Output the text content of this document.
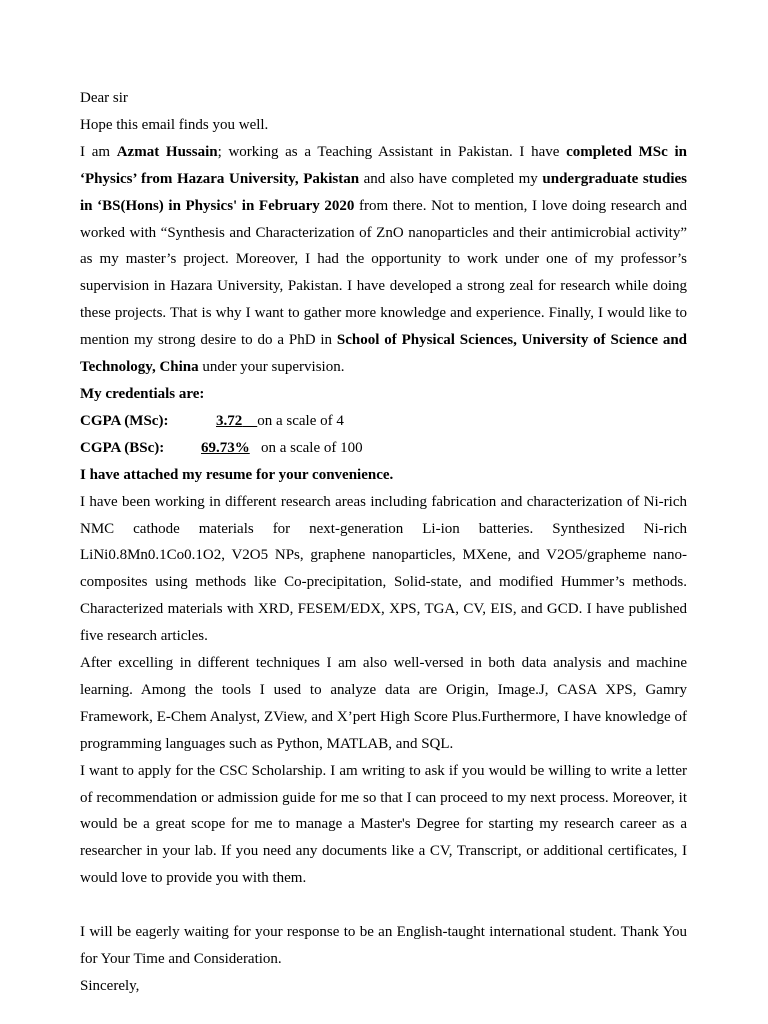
Dear sir

Hope this email finds you well.

I am Azmat Hussain; working as a Teaching Assistant in Pakistan. I have completed MSc in ‘Physics’ from Hazara University, Pakistan and also have completed my undergraduate studies in ‘BS(Hons) in Physics' in February 2020 from there. Not to mention, I love doing research and worked with “Synthesis and Characterization of ZnO nanoparticles and their antimicrobial activity” as my master’s project. Moreover, I had the opportunity to work under one of my professor’s supervision in Hazara University, Pakistan. I have developed a strong zeal for research while doing these projects. That is why I want to gather more knowledge and experience. Finally, I would like to mention my strong desire to do a PhD in School of Physical Sciences, University of Science and Technology, China under your supervision.

My credentials are:

CGPA (MSc):	3.72 on a scale of 4

CGPA (BSc): 69.73% on a scale of 100

I have attached my resume for your convenience.

I have been working in different research areas including fabrication and characterization of Ni-rich NMC cathode materials for next-generation Li-ion batteries. Synthesized Ni-rich LiNi0.8Mn0.1Co0.1O2, V2O5 NPs, graphene nanoparticles, MXene, and V2O5/grapheme nano-composites using methods like Co-precipitation, Solid-state, and modified Hummer’s methods. Characterized materials with XRD, FESEM/EDX, XPS, TGA, CV, EIS, and GCD. I have published five research articles.

After excelling in different techniques I am also well-versed in both data analysis and machine learning. Among the tools I used to analyze data are Origin, Image.J, CASA XPS, Gamry Framework, E-Chem Analyst, ZView, and X’pert High Score Plus.Furthermore, I have knowledge of programming languages such as Python, MATLAB, and SQL.

I want to apply for the CSC Scholarship. I am writing to ask if you would be willing to write a letter of recommendation or admission guide for me so that I can proceed to my next process. Moreover, it would be a great scope for me to manage a Master's Degree for starting my research career as a researcher in your lab. If you need any documents like a CV, Transcript, or additional certificates, I would love to provide you with them.

I will be eagerly waiting for your response to be an English-taught international student. Thank You for Your Time and Consideration.

Sincerely,
